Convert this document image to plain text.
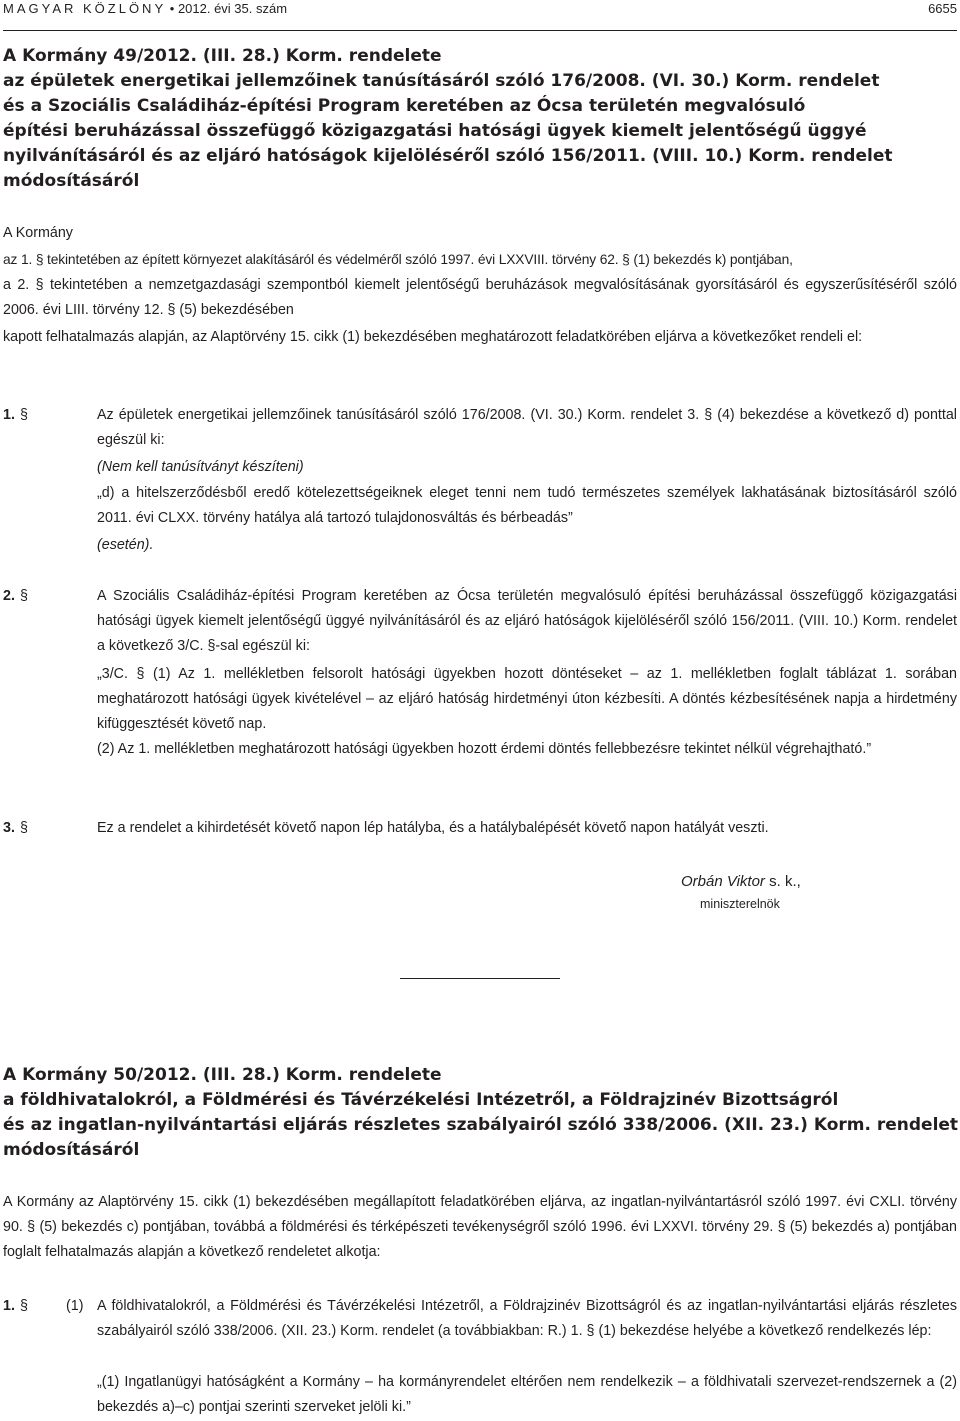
MAGYAR KÖZLÖNY • 2012. évi 35. szám	6655
A Kormány 49/2012. (III. 28.) Korm. rendelete
az épületek energetikai jellemzőinek tanúsításáról szóló 176/2008. (VI. 30.) Korm. rendelet
és a Szociális Családiház-építési Program keretében az Ócsa területén megvalósuló
építési beruházással összefüggő közigazgatási hatósági ügyek kiemelt jelentőségű üggyé
nyilvánításáról és az eljáró hatóságok kijelöléséről szóló 156/2011. (VIII. 10.) Korm. rendelet
módosításáról
A Kormány
az 1. § tekintetében az épített környezet alakításáról és védelméről szóló 1997. évi LXXVIII. törvény 62. § (1) bekezdés k) pontjában,
a 2. § tekintetében a nemzetgazdasági szempontból kiemelt jelentőségű beruházások megvalósításának gyorsításáról és egyszerűsítéséről szóló 2006. évi LIII. törvény 12. § (5) bekezdésében
kapott felhatalmazás alapján, az Alaptörvény 15. cikk (1) bekezdésében meghatározott feladatkörében eljárva a következőket rendeli el:
1. §	Az épületek energetikai jellemzőinek tanúsításáról szóló 176/2008. (VI. 30.) Korm. rendelet 3. § (4) bekezdése a következő d) ponttal egészül ki:
(Nem kell tanúsítványt készíteni)
„d) a hitelszerződésből eredő kötelezettségeiknek eleget tenni nem tudó természetes személyek lakhatásának biztosításáról szóló 2011. évi CLXX. törvény hatálya alá tartozó tulajdonosváltás és bérbeadás”
(esetén).
2. §	A Szociális Családiház-építési Program keretében az Ócsa területén megvalósuló építési beruházással összefüggő közigazgatási hatósági ügyek kiemelt jelentőségű üggyé nyilvánításáról és az eljáró hatóságok kijelöléséről szóló 156/2011. (VIII. 10.) Korm. rendelet a következő 3/C. §-sal egészül ki:
„3/C. § (1) Az 1. mellékletben felsorolt hatósági ügyekben hozott döntéseket – az 1. mellékletben foglalt táblázat 1. sorában meghatározott hatósági ügyek kivételével – az eljáró hatóság hirdetményi úton kézbesíti. A döntés kézbesítésének napja a hirdetmény kifüggesztését követő nap.
(2) Az 1. mellékletben meghatározott hatósági ügyekben hozott érdemi döntés fellebbezésre tekintet nélkül végrehajtható.”
3. §	Ez a rendelet a kihirdetését követő napon lép hatályba, és a hatálybalépését követő napon hatályát veszti.
Orbán Viktor s. k.,
miniszterelnök
A Kormány 50/2012. (III. 28.) Korm. rendelete
a földhivatalokról, a Földmérési és Távérzékelési Intézetről, a Földrajzinév Bizottságról
és az ingatlan-nyilvántartási eljárás részletes szabályairól szóló 338/2006. (XII. 23.) Korm. rendelet
módosításáról
A Kormány az Alaptörvény 15. cikk (1) bekezdésében megállapított feladatkörében eljárva, az ingatlan-nyilvántartásról szóló 1997. évi CXLI. törvény 90. § (5) bekezdés c) pontjában, továbbá a földmérési és térképészeti tevékenységről szóló 1996. évi LXXVI. törvény 29. § (5) bekezdés a) pontjában foglalt felhatalmazás alapján a következő rendeletet alkotja:
1. §	(1) A földhivatalokról, a Földmérési és Távérzékelési Intézetről, a Földrajzinév Bizottságról és az ingatlan-nyilvántartási eljárás részletes szabályairól szóló 338/2006. (XII. 23.) Korm. rendelet (a továbbiakban: R.) 1. § (1) bekezdése helyébe a következő rendelkezés lép:
„(1) Ingatlanügyi hatóságként a Kormány – ha kormányrendelet eltérően nem rendelkezik – a földhivatali szervezet-rendszernek a (2) bekezdés a)–c) pontjai szerinti szerveket jelöli ki.”
